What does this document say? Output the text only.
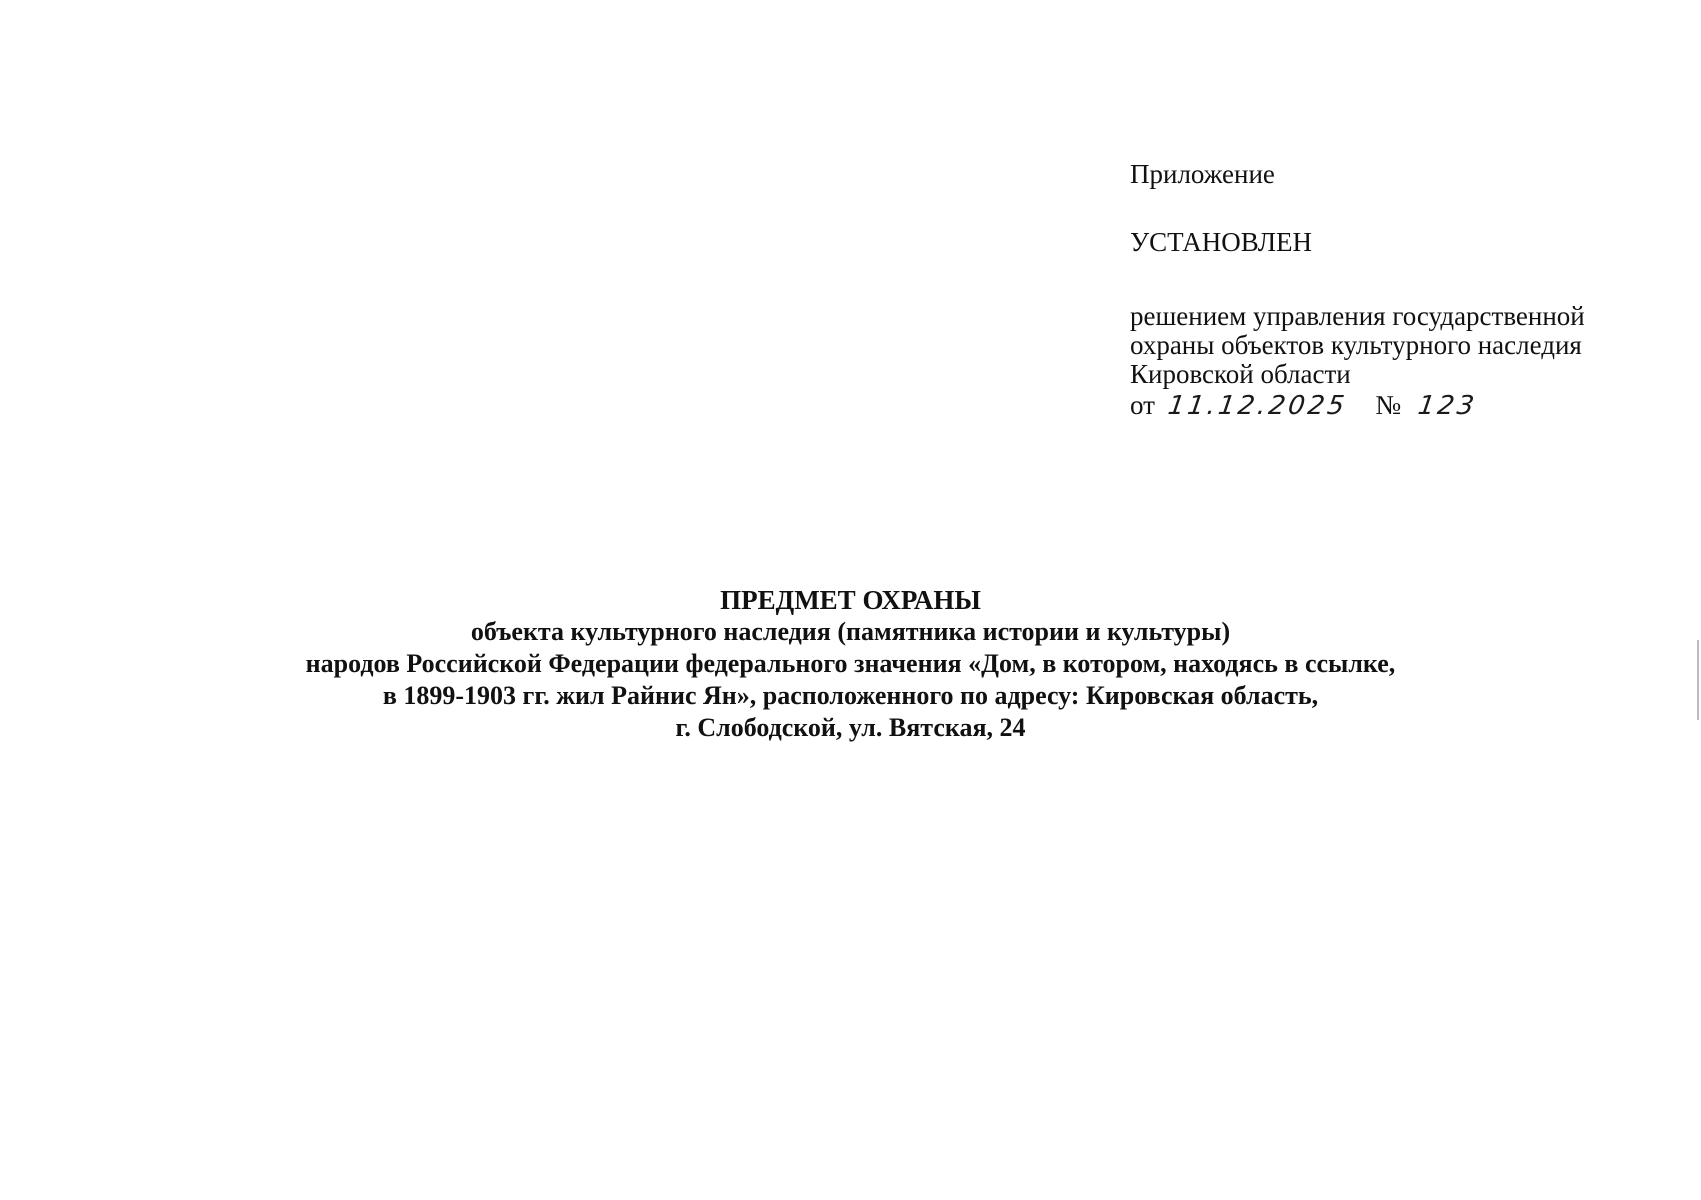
Приложение
УСТАНОВЛЕН
решением управления государственной
охраны объектов культурного наследия
Кировской области
от 11.12.2025 № 123
ПРЕДМЕТ ОХРАНЫ
объекта культурного наследия (памятника истории и культуры)
народов Российской Федерации федерального значения «Дом, в котором, находясь в ссылке,
в 1899-1903 гг. жил Райнис Ян», расположенного по адресу: Кировская область,
г. Слободской, ул. Вятская, 24
